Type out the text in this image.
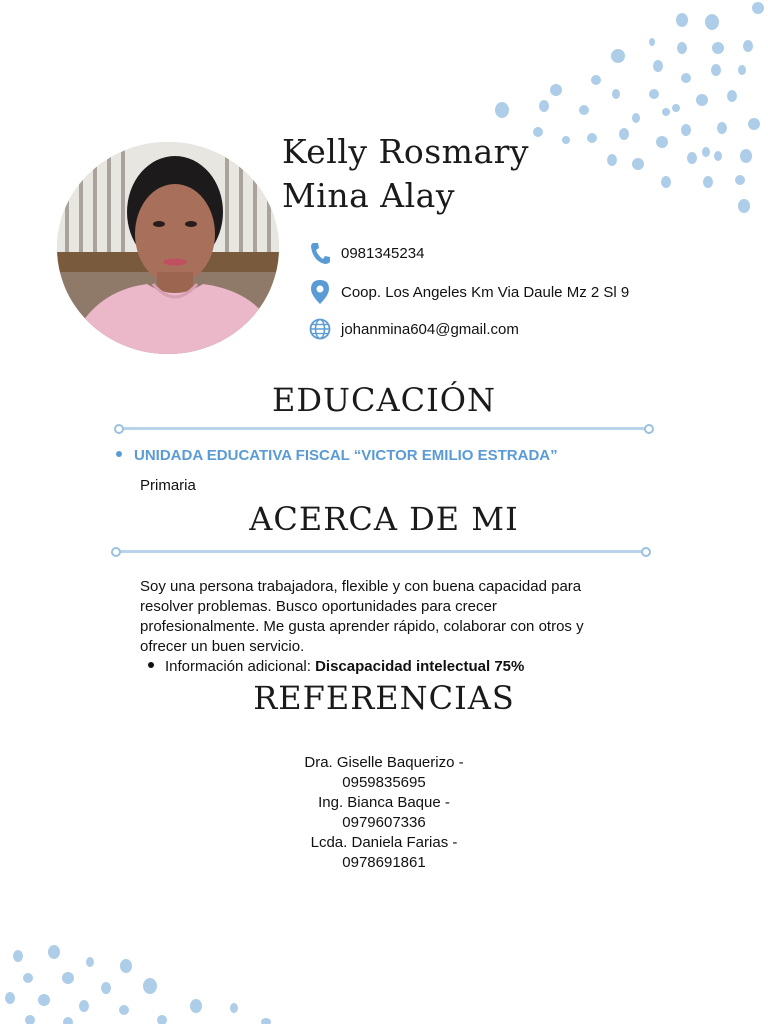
Kelly Rosmary
Mina Alay
0981345234
Coop. Los Angeles Km Via Daule Mz 2 Sl 9
johanmina604@gmail.com
EDUCACIÓN
UNIDADA EDUCATIVA FISCAL “VICTOR EMILIO ESTRADA”
Primaria
ACERCA DE MI
Soy una persona trabajadora, flexible y con buena capacidad para
resolver problemas. Busco oportunidades para crecer
profesionalmente. Me gusta aprender rápido, colaborar con otros y
ofrecer un buen servicio.
Información adicional: Discapacidad intelectual 75%
REFERENCIAS
Dra. Giselle Baquerizo -
0959835695
Ing. Bianca Baque -
0979607336
Lcda. Daniela Farias -
0978691861
